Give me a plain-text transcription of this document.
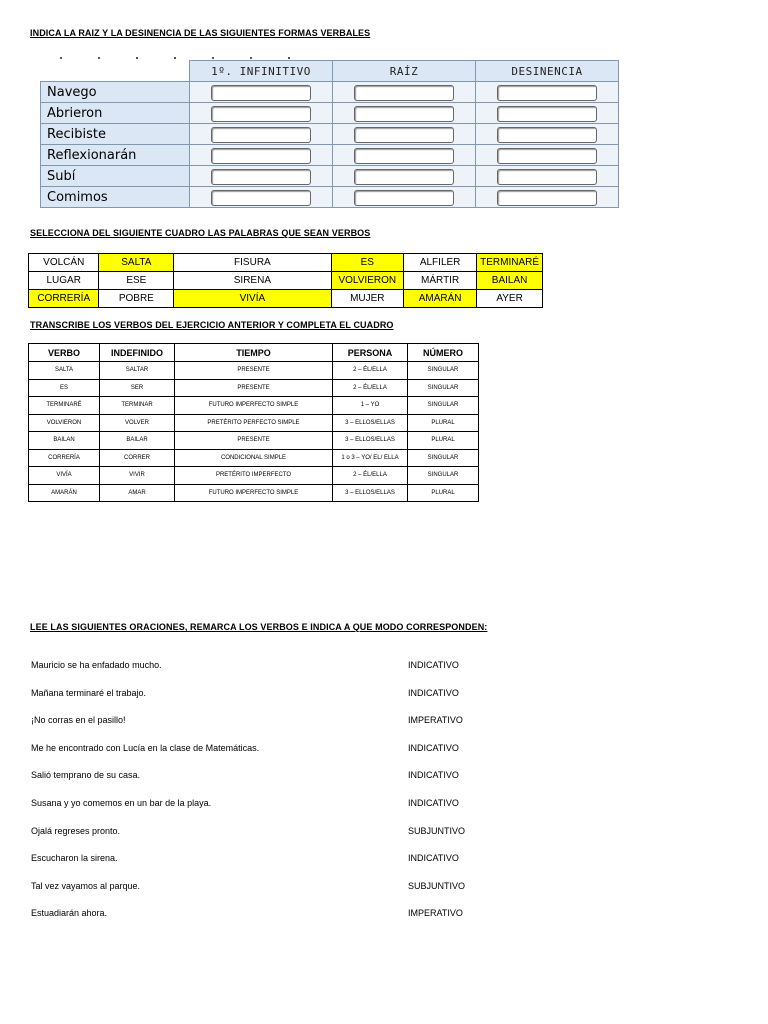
INDICA LA RAIZ Y LA DESINENCIA DE LAS SIGUIENTES FORMAS VERBALES
	1º. INFINITIVO	RAÍZ	DESINENCIA
Navego	

Abrieron	

Recibiste	

Reflexionarán	

Subí	

Comimos	

SELECCIONA DEL SIGUIENTE CUADRO LAS PALABRAS QUE SEAN VERBOS
VOLCÁN	SALTA	FISURA	ES	ALFILER	TERMINARÉ
LUGAR	ESE	SIRENA	VOLVIERON	MÁRTIR	BAILAN
CORRERÍA	POBRE	VIVÍA	MUJER	AMARÁN	AYER
TRANSCRIBE LOS VERBOS DEL EJERCICIO ANTERIOR Y COMPLETA EL CUADRO
VERBO	INDEFINIDO	TIEMPO	PERSONA	NÚMERO
SALTA	SALTAR	PRESENTE	2 – ÉL/ELLA	SINGULAR
ES	SER	PRESENTE	2 – ÉL/ELLA	SINGULAR
TERMINARÉ	TERMINAR	FUTURO IMPERFECTO SIMPLE	1 – YO	SINGULAR
VOLVIERON	VOLVER	PRETÉRITO PERFECTO SIMPLE	3 – ELLOS/ELLAS	PLURAL
BAILAN	BAILAR	PRESENTE	3 – ELLOS/ELLAS	PLURAL
CORRERÍA	CORRER	CONDICIONAL SIMPLE	1 o 3 – YO/ EL/ ELLA	SINGULAR
VIVÍA	VIVIR	PRETÉRITO IMPERFECTO	2 – ÉL/ELLA	SINGULAR
AMARÁN	AMAR	FUTURO IMPERFECTO SIMPLE	3 – ELLOS/ELLAS	PLURAL
LEE LAS SIGUIENTES ORACIONES, REMARCA LOS VERBOS E INDICA A QUE MODO CORRESPONDEN:
Mauricio se ha enfadado mucho.	INDICATIVO
Mañana terminaré el trabajo.	INDICATIVO
¡No corras en el pasillo!	IMPERATIVO
Me he encontrado con Lucía en la clase de Matemáticas.	INDICATIVO
Salió temprano de su casa.	INDICATIVO
Susana y yo comemos en un bar de la playa.	INDICATIVO
Ojalá regreses pronto.	SUBJUNTIVO
Escucharon la sirena.	INDICATIVO
Tal vez vayamos al parque.	SUBJUNTIVO
Estuadiarán ahora.	IMPERATIVO
